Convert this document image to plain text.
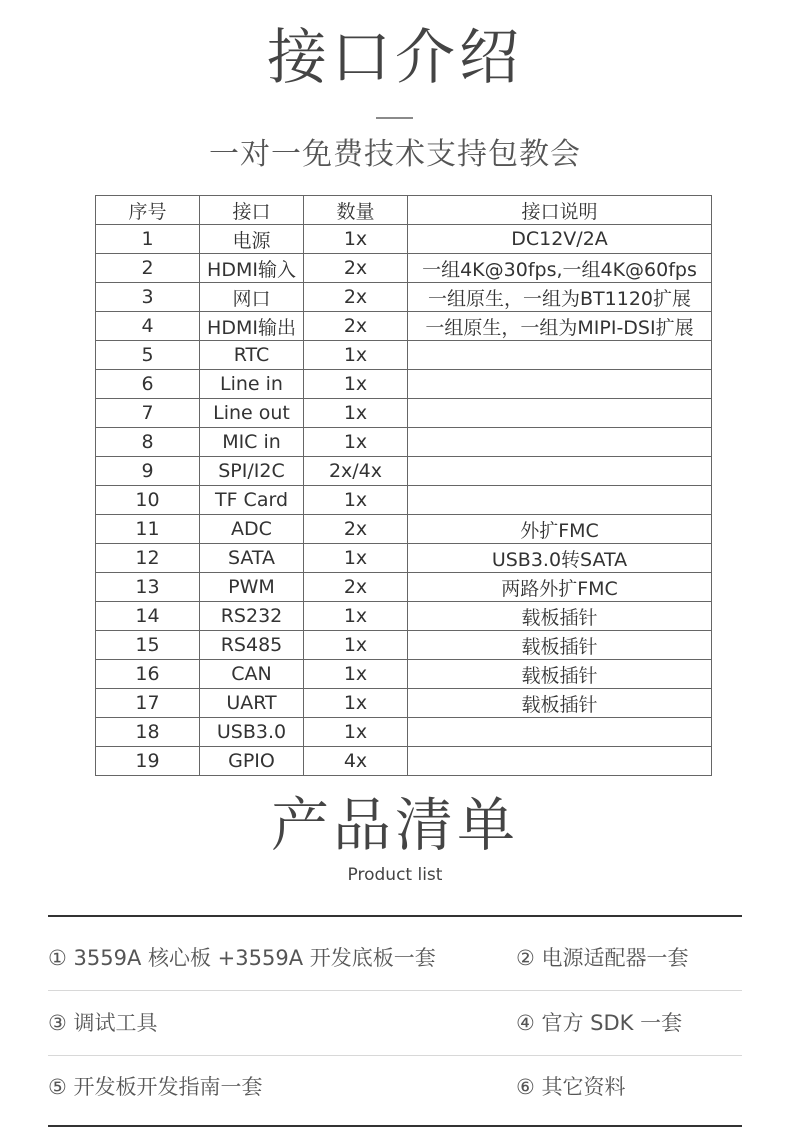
接口介绍
一对一免费技术支持包教会
序号	接口	数量	接口说明
1	电源	1x	DC12V/2A
2	HDMI输入	2x	一组4K@30fps,一组4K@60fps
3	网口	2x	一组原生，一组为BT1120扩展
4	HDMI输出	2x	一组原生，一组为MIPI-DSI扩展
5	RTC	1x	
6	Line in	1x	
7	Line out	1x	
8	MIC in	1x	
9	SPI/I2C	2x/4x	
10	TF Card	1x	
11	ADC	2x	外扩FMC
12	SATA	1x	USB3.0转SATA
13	PWM	2x	两路外扩FMC
14	RS232	1x	载板插针
15	RS485	1x	载板插针
16	CAN	1x	载板插针
17	UART	1x	载板插针
18	USB3.0	1x	
19	GPIO	4x	
产品清单
Product list
① 3559A 核心板 +3559A 开发底板一套	② 电源适配器一套
③ 调试工具	④ 官方 SDK 一套
⑤ 开发板开发指南一套	⑥ 其它资料
